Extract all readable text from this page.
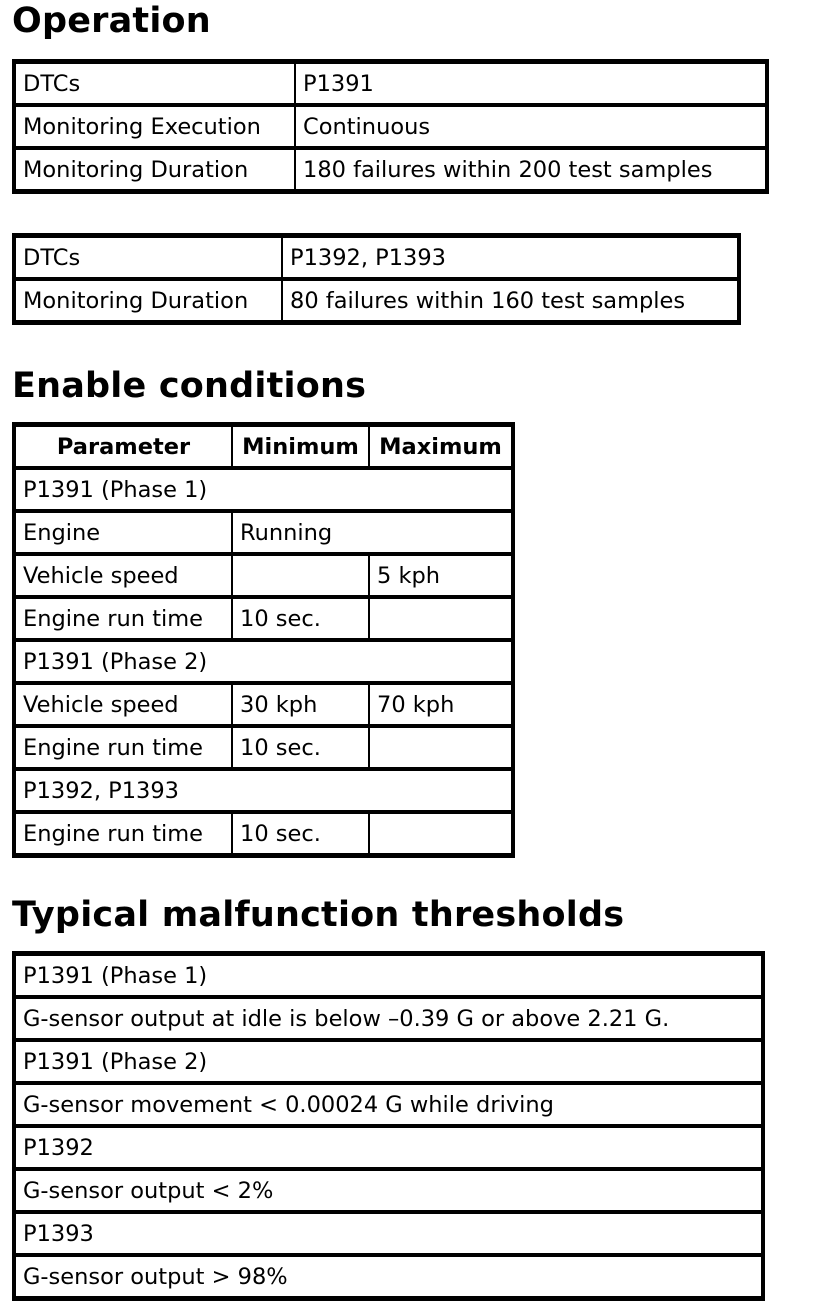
Operation
DTCs	P1391
Monitoring Execution	Continuous
Monitoring Duration	180 failures within 200 test samples
DTCs	P1392, P1393
Monitoring Duration	80 failures within 160 test samples
Enable conditions
Parameter	Minimum	Maximum
P1391 (Phase 1)		
Engine	Running	
Vehicle speed		5 kph
Engine run time	10 sec.	
P1391 (Phase 2)		
Vehicle speed	30 kph	70 kph
Engine run time	10 sec.	
P1392, P1393		
Engine run time	10 sec.	
Typical malfunction thresholds
P1391 (Phase 1)
G-sensor output at idle is below –0.39 G or above 2.21 G.
P1391 (Phase 2)
G-sensor movement < 0.00024 G while driving
P1392
G-sensor output < 2%
P1393
G-sensor output > 98%
